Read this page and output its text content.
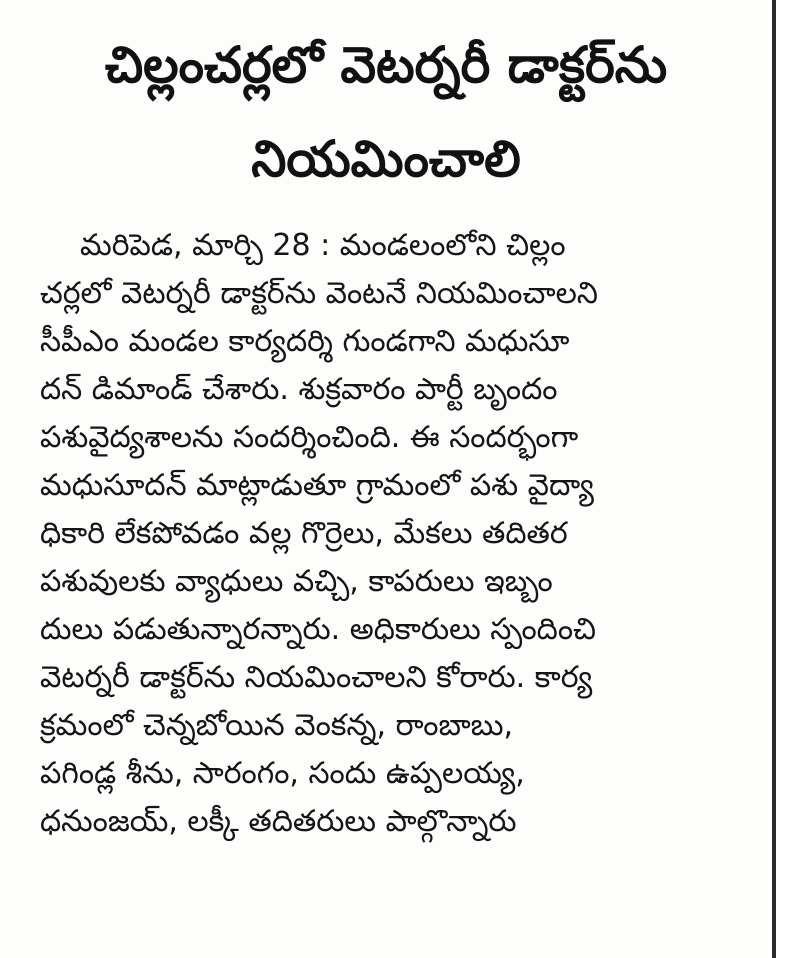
చిల్లంచర్లలో వెటర్నరీ డాక్టర్‌ను
నియమించాలి
మరిపెడ, మార్చి 28 : మండలంలోని చిల్లం
చర్లలో వెటర్నరీ డాక్టర్‌ను వెంటనే నియమించాలని
సీపీఎం మండల కార్యదర్శి గుండగాని మధుసూ
దన్ డిమాండ్ చేశారు. శుక్రవారం పార్టీ బృందం
పశువైద్యశాలను సందర్శించింది. ఈ సందర్భంగా
మధుసూదన్ మాట్లాడుతూ గ్రామంలో పశు వైద్యా
ధికారి లేకపోవడం వల్ల గొర్రెలు, మేకలు తదితర
పశువులకు వ్యాధులు వచ్చి, కాపరులు ఇబ్బం
దులు పడుతున్నారన్నారు. అధికారులు స్పందించి
వెటర్నరీ డాక్టర్‌ను నియమించాలని కోరారు. కార్య
క్రమంలో చెన్నబోయిన వెంకన్న, రాంబాబు,
పగిండ్ల శీను, సారంగం, సందు ఉప్పలయ్య,
ధనుంజయ్, లక్కీ తదితరులు పాల్గొన్నారు
